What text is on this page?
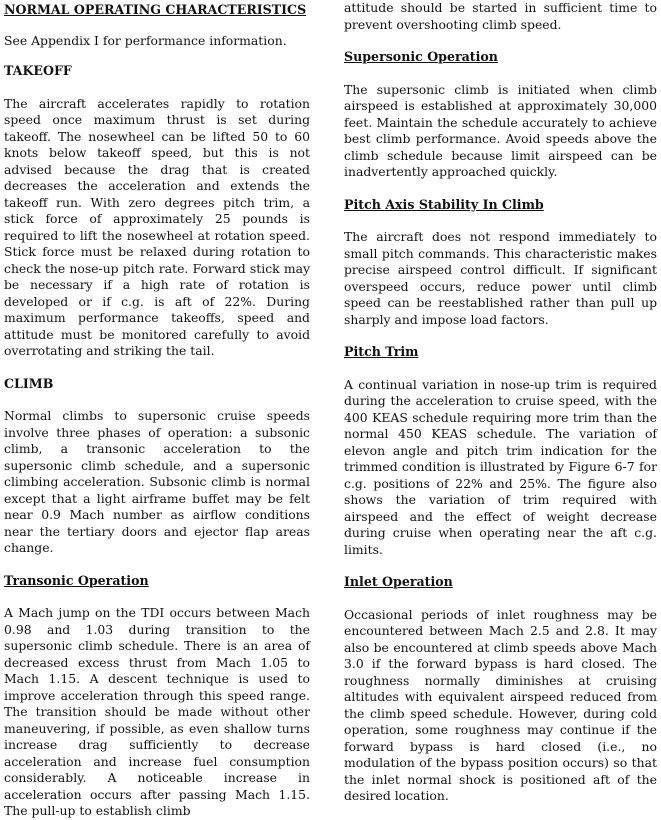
NORMAL OPERATING CHARACTERISTICS

See Appendix I for performance information.

TAKEOFF

The aircraft accelerates rapidly to rotation speed once maximum thrust is set during takeoff. The nosewheel can be lifted 50 to 60 knots below takeoff speed, but this is not advised because the drag that is created decreases the acceleration and extends the takeoff run. With zero degrees pitch trim, a stick force of approximately 25 pounds is required to lift the nosewheel at rotation speed. Stick force must be relaxed during rotation to check the nose-up pitch rate. Forward stick may be necessary if a high rate of rotation is developed or if c.g. is aft of 22%. During maximum performance takeoffs, speed and attitude must be monitored carefully to avoid overrotating and striking the tail.

CLIMB

Normal climbs to supersonic cruise speeds involve three phases of operation: a subsonic climb, a transonic acceleration to the supersonic climb schedule, and a supersonic climbing acceleration. Subsonic climb is normal except that a light airframe buffet may be felt near 0.9 Mach number as airflow conditions near the tertiary doors and ejector flap areas change.

Transonic Operation

A Mach jump on the TDI occurs between Mach 0.98 and 1.03 during transition to the supersonic climb schedule. There is an area of decreased excess thrust from Mach 1.05 to Mach 1.15. A descent technique is used to improve acceleration through this speed range. The transition should be made without other maneuvering, if possible, as even shallow turns increase drag sufficiently to decrease acceleration and increase fuel consumption considerably. A noticeable increase in acceleration occurs after passing Mach 1.15. The pull-up to establish climb

attitude should be started in sufficient time to prevent overshooting climb speed.

Supersonic Operation

The supersonic climb is initiated when climb airspeed is established at approximately 30,000 feet. Maintain the schedule accurately to achieve best climb performance. Avoid speeds above the climb schedule because limit airspeed can be inadvertently approached quickly.

Pitch Axis Stability In Climb

The aircraft does not respond immediately to small pitch commands. This characteristic makes precise airspeed control difficult. If significant overspeed occurs, reduce power until climb speed can be reestablished rather than pull up sharply and impose load factors.

Pitch Trim

A continual variation in nose-up trim is required during the acceleration to cruise speed, with the 400 KEAS schedule requiring more trim than the normal 450 KEAS schedule. The variation of elevon angle and pitch trim indication for the trimmed condition is illustrated by Figure 6-7 for c.g. positions of 22% and 25%. The figure also shows the variation of trim required with airspeed and the effect of weight decrease during cruise when operating near the aft c.g. limits.

Inlet Operation

Occasional periods of inlet roughness may be encountered between Mach 2.5 and 2.8. It may also be encountered at climb speeds above Mach 3.0 if the forward bypass is hard closed. The roughness normally diminishes at cruising altitudes with equivalent airspeed reduced from the climb speed schedule. However, during cold operation, some roughness may continue if the forward bypass is hard closed (i.e., no modulation of the bypass position occurs) so that the inlet normal shock is positioned aft of the desired location.
